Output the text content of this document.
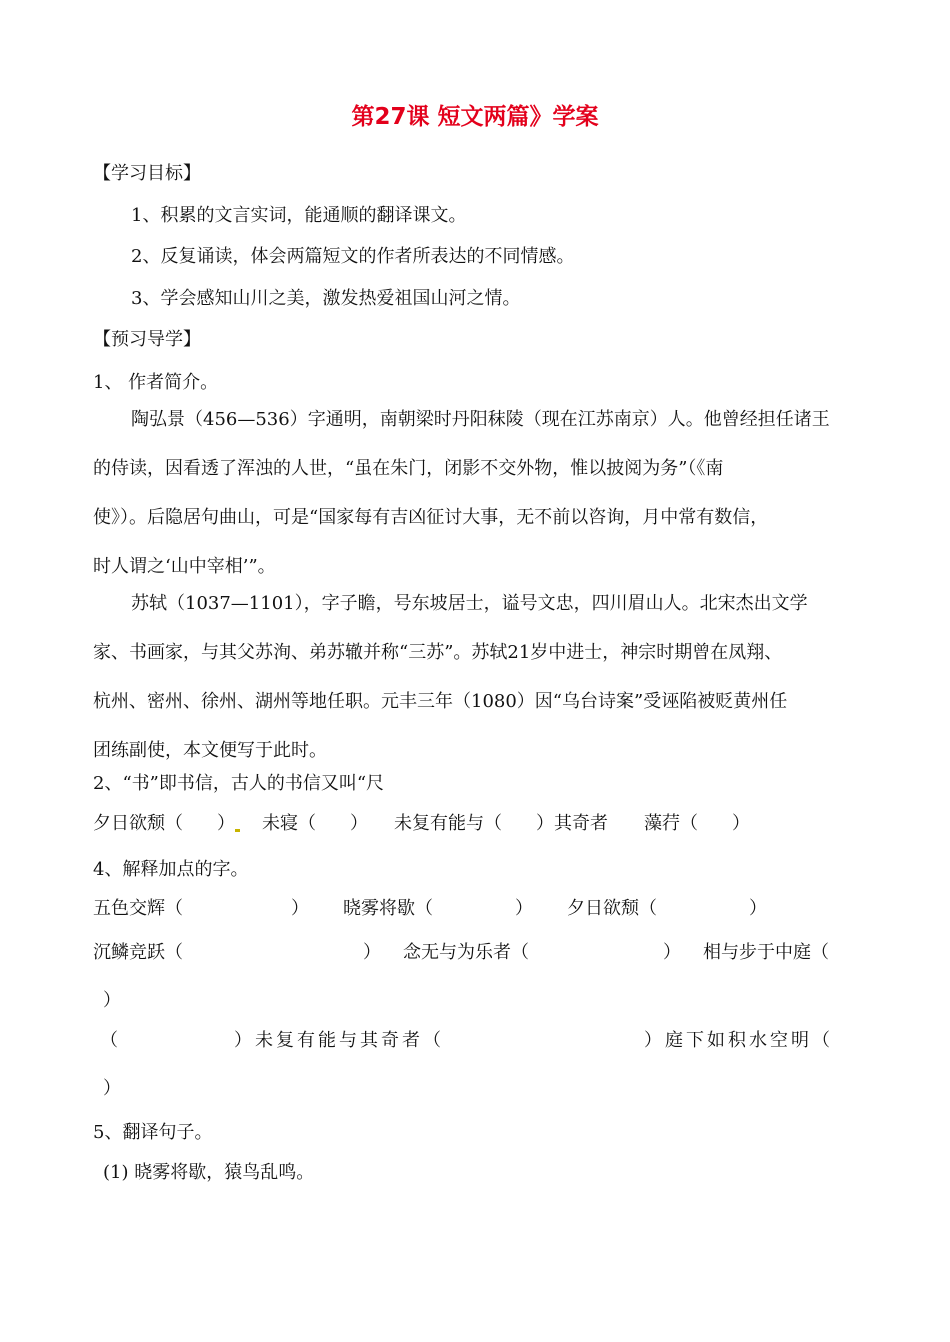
第27课 短文两篇》学案
【学习目标】
1、积累的文言实词，能通顺的翻译课文。
2、反复诵读，体会两篇短文的作者所表达的不同情感。
3、学会感知山川之美，激发热爱祖国山河之情。
【预习导学】
1、 作者简介。
陶弘景（456—536）字通明，南朝梁时丹阳秣陵（现在江苏南京）人。他曾经担任诸王
的侍读，因看透了浑浊的人世，“虽在朱门，闭影不交外物，惟以披阅为务”（《南
使》）。后隐居句曲山，可是“国家每有吉凶征讨大事，无不前以咨询，月中常有数信，
时人谓之‘山中宰相’”。
苏轼（1037—1101），字子瞻，号东坡居士，谥号文忠，四川眉山人。北宋杰出文学
家、书画家，与其父苏洵、弟苏辙并称“三苏”。苏轼21岁中进士，神宗时期曾在凤翔、
杭州、密州、徐州、湖州等地任职。元丰三年（1080）因“乌台诗案”受诬陷被贬黄州任
团练副使，本文便写于此时。
2、“书”即书信，古人的书信又叫“尺
夕日欲颓（ ） 未寝（ ） 未复有能与（ ）其奇者 藻荇（ ）
4、解释加点的字。
五色交辉（	） 晓雾将歇（	） 夕日欲颓（	）
沉鳞竞跃（	） 念无与为乐者（	） 相与步于中庭（
）
（	）未复有能与其奇者（	）庭下如积水空明（
）
5、翻译句子。
(1) 晓雾将歇，猿鸟乱鸣。
